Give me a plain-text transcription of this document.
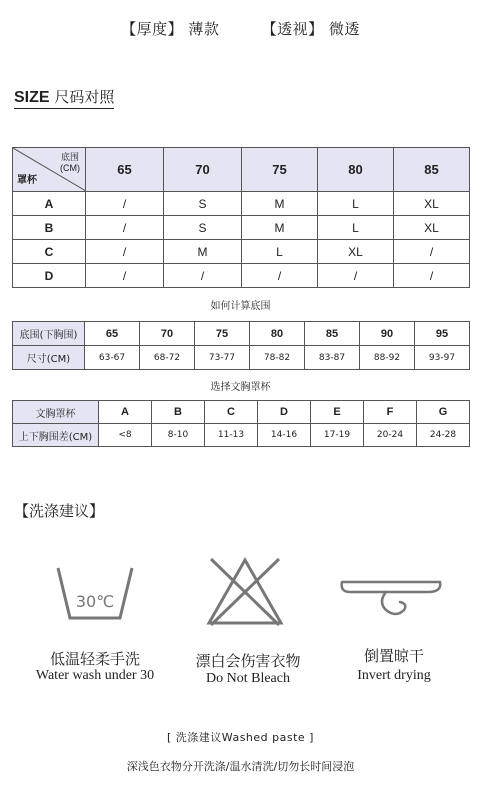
【厚度】 薄款	【透视】 微透
SIZE 尺码对照
底围
(CM)
罩杯	65	70	75	80	85
A	/	S	M	L	XL
B	/	S	M	L	XL
C	/	M	L	XL	/
D	/	/	/	/	/
如何计算底围
底围(下胸围)	65	70	75	80	85	90	95
尺寸(CM)	63-67	68-72	73-77	78-82	83-87	88-92	93-97
选择文胸罩杯
文胸罩杯	A	B	C	D	E	F	G
上下胸围差(CM)	<8	8-10	11-13	14-16	17-19	20-24	24-28
【洗涤建议】
30℃
低温轻柔手洗
Water wash under 30
漂白会伤害衣物
Do Not Bleach
倒置晾干
Invert drying
[ 洗涤建议Washed paste ]
深浅色衣物分开洗涤/温水清洗/切勿长时间浸泡
